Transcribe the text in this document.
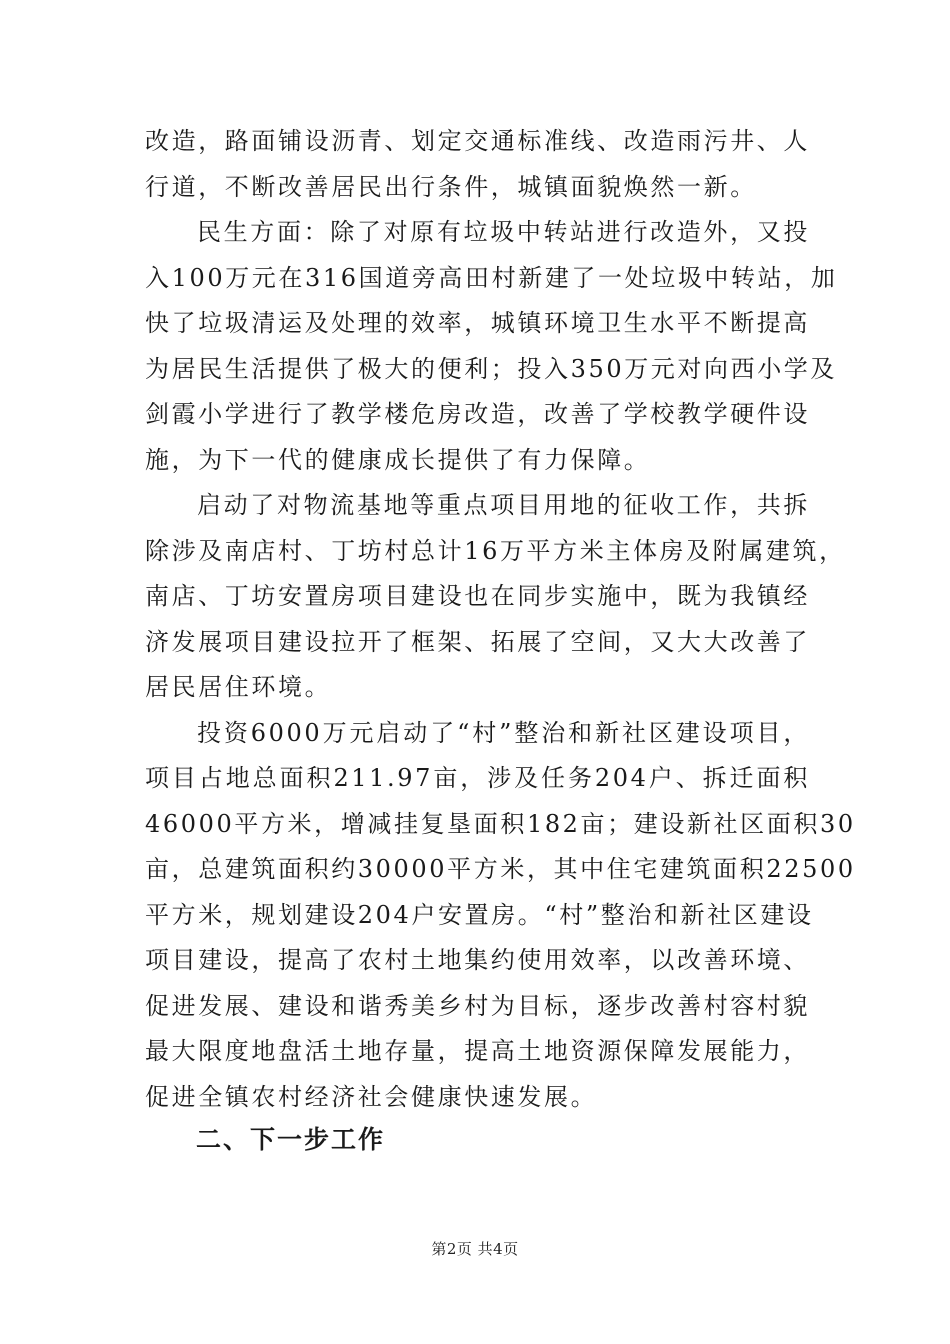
改造，路面铺设沥青、划定交通标准线、改造雨污井、人
行道，不断改善居民出行条件，城镇面貌焕然一新。
民生方面：除了对原有垃圾中转站进行改造外，又投
入100万元在316国道旁高田村新建了一处垃圾中转站，加
快了垃圾清运及处理的效率，城镇环境卫生水平不断提高
为居民生活提供了极大的便利；投入350万元对向西小学及
剑霞小学进行了教学楼危房改造，改善了学校教学硬件设
施，为下一代的健康成长提供了有力保障。
启动了对物流基地等重点项目用地的征收工作，共拆
除涉及南店村、丁坊村总计16万平方米主体房及附属建筑，
南店、丁坊安置房项目建设也在同步实施中，既为我镇经
济发展项目建设拉开了框架、拓展了空间，又大大改善了
居民居住环境。
投资6000万元启动了“村”整治和新社区建设项目，
项目占地总面积211.97亩，涉及任务204户、拆迁面积
46000平方米，增减挂复垦面积182亩；建设新社区面积30
亩，总建筑面积约30000平方米，其中住宅建筑面积22500
平方米，规划建设204户安置房。“村”整治和新社区建设
项目建设，提高了农村土地集约使用效率，以改善环境、
促进发展、建设和谐秀美乡村为目标，逐步改善村容村貌
最大限度地盘活土地存量，提高土地资源保障发展能力，
促进全镇农村经济社会健康快速发展。
二、下一步工作
第2页 共4页
